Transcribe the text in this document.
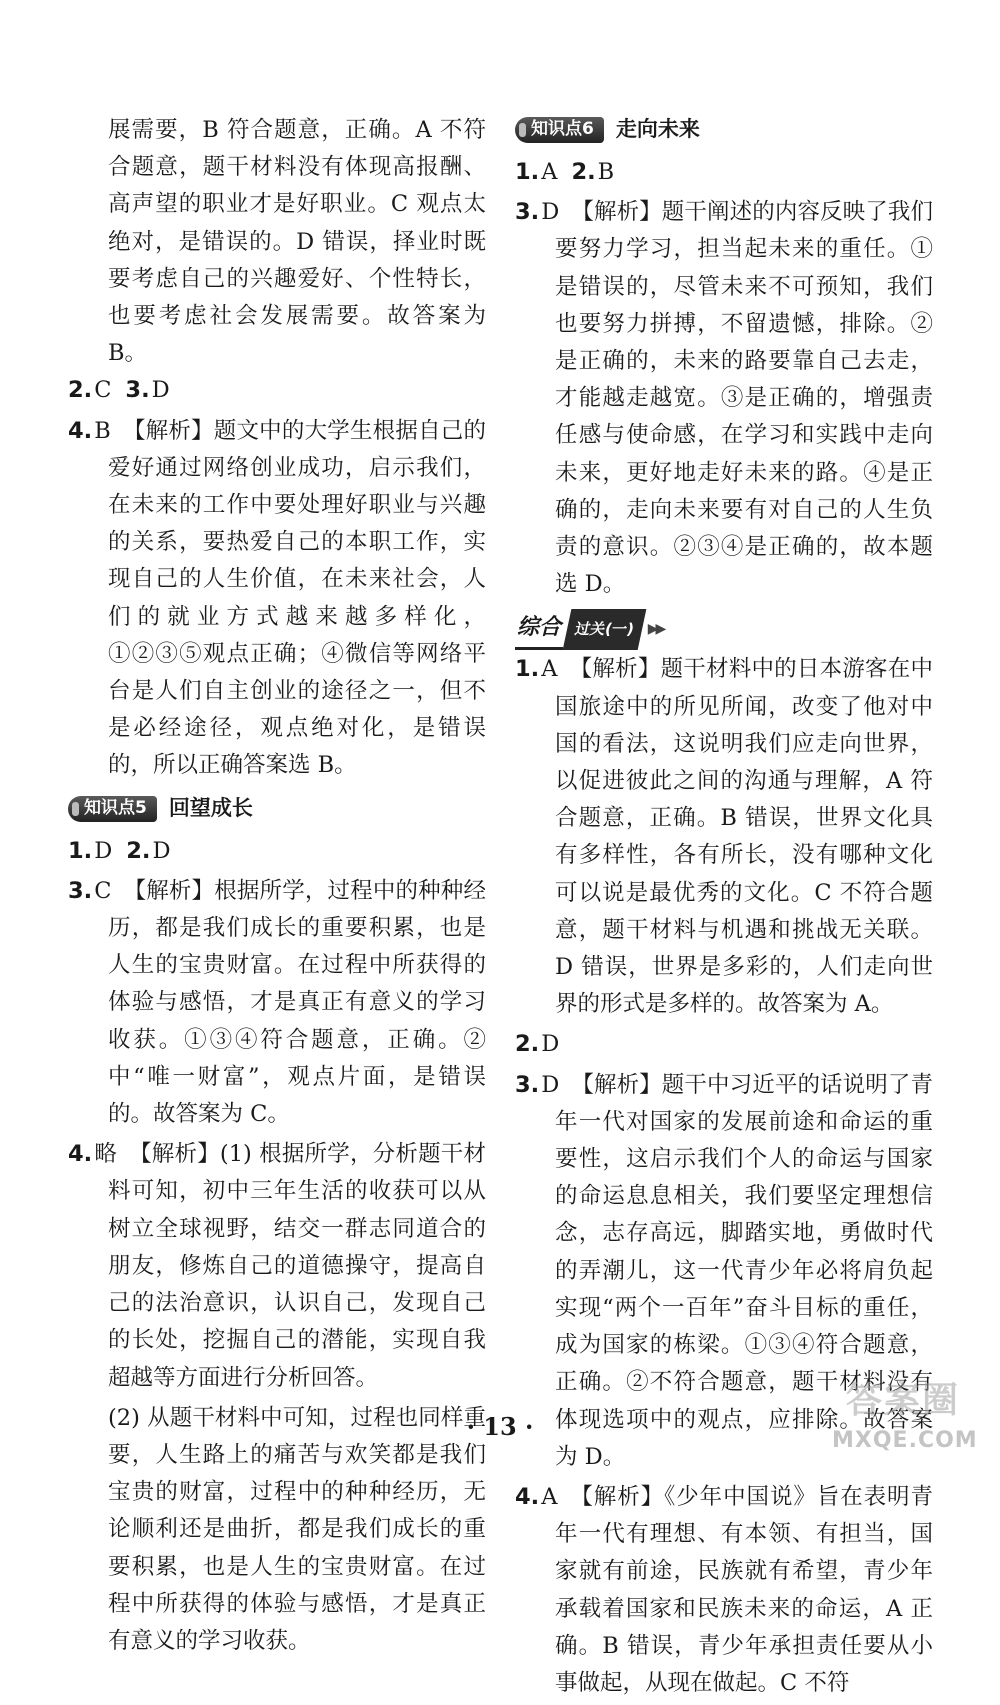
展需要，B 符合题意，正确。A 不符合题意，题干材料没有体现高报酬、高声望的职业才是好职业。C 观点太绝对，是错误的。D 错误，择业时既要考虑自己的兴趣爱好、个性特长，也要考虑社会发展需要。故答案为 B。

2.C 3.D

4.B 【解析】题文中的大学生根据自己的爱好通过网络创业成功，启示我们，在未来的工作中要处理好职业与兴趣的关系，要热爱自己的本职工作，实现自己的人生价值，在未来社会，人们的就业方式越来越多样化，①②③⑤观点正确；④微信等网络平台是人们自主创业的途径之一，但不是必经途径，观点绝对化，是错误的，所以正确答案选 B。

知识点5	回望成长

1.D 2.D

3.C 【解析】根据所学，过程中的种种经历，都是我们成长的重要积累，也是人生的宝贵财富。在过程中所获得的体验与感悟，才是真正有意义的学习收获。①③④符合题意，正确。②中“唯一财富”，观点片面，是错误的。故答案为 C。

4.略 【解析】(1) 根据所学，分析题干材料可知，初中三年生活的收获可以从树立全球视野，结交一群志同道合的朋友，修炼自己的道德操守，提高自己的法治意识，认识自己，发现自己的长处，挖掘自己的潜能，实现自我超越等方面进行分析回答。

(2) 从题干材料中可知，过程也同样重要，人生路上的痛苦与欢笑都是我们宝贵的财富，过程中的种种经历，无论顺利还是曲折，都是我们成长的重要积累，也是人生的宝贵财富。在过程中所获得的体验与感悟，才是真正有意义的学习收获。

知识点6	走向未来

1.A 2.B

3.D 【解析】题干阐述的内容反映了我们要努力学习，担当起未来的重任。①是错误的，尽管未来不可预知，我们也要努力拼搏，不留遗憾，排除。②是正确的，未来的路要靠自己去走，才能越走越宽。③是正确的，增强责任感与使命感，在学习和实践中走向未来，更好地走好未来的路。④是正确的，走向未来要有对自己的人生负责的意识。②③④是正确的，故本题选 D。

综合 过关(一) ▶▶

1.A 【解析】题干材料中的日本游客在中国旅途中的所见所闻，改变了他对中国的看法，这说明我们应走向世界，以促进彼此之间的沟通与理解，A 符合题意，正确。B 错误，世界文化具有多样性，各有所长，没有哪种文化可以说是最优秀的文化。C 不符合题意，题干材料与机遇和挑战无关联。D 错误，世界是多彩的，人们走向世界的形式是多样的。故答案为 A。

2.D

3.D 【解析】题干中习近平的话说明了青年一代对国家的发展前途和命运的重要性，这启示我们个人的命运与国家的命运息息相关，我们要坚定理想信念，志存高远，脚踏实地，勇做时代的弄潮儿，这一代青少年必将肩负起实现“两个一百年”奋斗目标的重任，成为国家的栋梁。①③④符合题意，正确。②不符合题意，题干材料没有体现选项中的观点，应排除。故答案为 D。

4.A 【解析】《少年中国说》旨在表明青年一代有理想、有本领、有担当，国家就有前途，民族就有希望，青少年承载着国家和民族未来的命运，A 正确。B 错误，青少年承担责任要从小事做起，从现在做起。C 不符

· 13 ·
答案圈
MXQE.COM
